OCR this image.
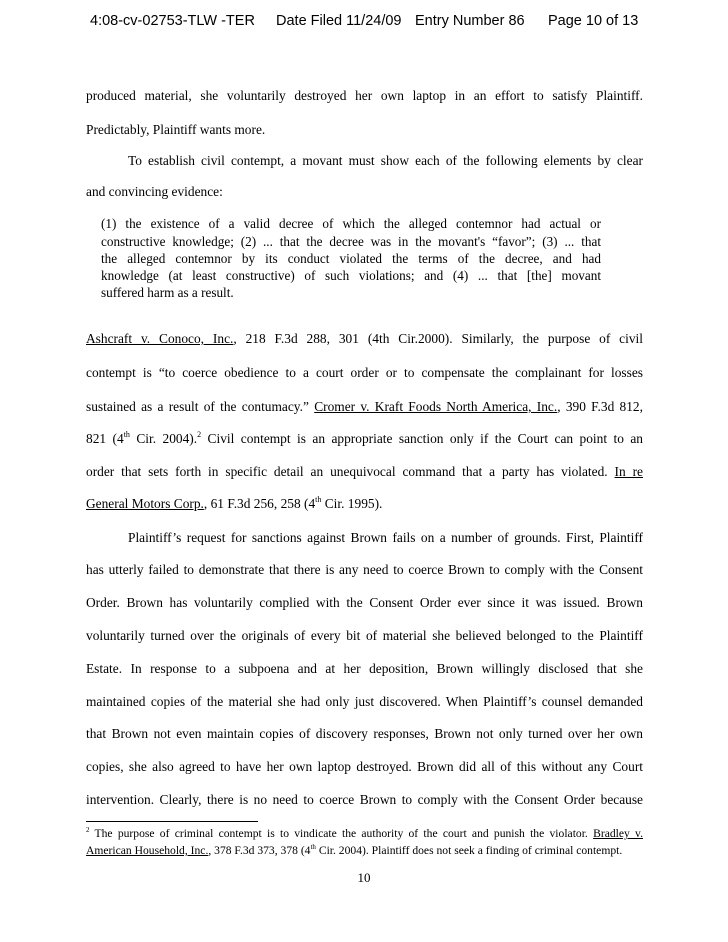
4:08-cv-02753-TLW -TER

Date Filed 11/24/09

Entry Number 86

Page 10 of 13

produced material, she voluntarily destroyed her own laptop in an effort to satisfy Plaintiff.
Predictably, Plaintiff wants more.
To establish civil contempt, a movant must show each of the following elements by clear
and convincing evidence:
(1) the existence of a valid decree of which the alleged contemnor had actual or
constructive knowledge; (2) ... that the decree was in the movant's “favor”; (3) ... that
the alleged contemnor by its conduct violated the terms of the decree, and had
knowledge (at least constructive) of such violations; and (4) ... that [the] movant
suffered harm as a result.
Ashcraft v. Conoco, Inc., 218 F.3d 288, 301 (4th Cir.2000). Similarly, the purpose of civil
contempt is “to coerce obedience to a court order or to compensate the complainant for losses
sustained as a result of the contumacy.” Cromer v. Kraft Foods North America, Inc., 390 F.3d 812,
821 (4th Cir. 2004).$^2$ Civil contempt is an appropriate sanction only if the Court can point to an
order that sets forth in specific detail an unequivocal command that a party has violated. In re
General Motors Corp., 61 F.3d 256, 258 (4th Cir. 1995).
Plaintiff’s request for sanctions against Brown fails on a number of grounds. First, Plaintiff
has utterly failed to demonstrate that there is any need to coerce Brown to comply with the Consent
Order. Brown has voluntarily complied with the Consent Order ever since it was issued. Brown
voluntarily turned over the originals of every bit of material she believed belonged to the Plaintiff
Estate. In response to a subpoena and at her deposition, Brown willingly disclosed that she
maintained copies of the material she had only just discovered. When Plaintiff’s counsel demanded
that Brown not even maintain copies of discovery responses, Brown not only turned over her own
copies, she also agreed to have her own laptop destroyed. Brown did all of this without any Court
intervention. Clearly, there is no need to coerce Brown to comply with the Consent Order because
$^2$ The purpose of criminal contempt is to vindicate the authority of the court and punish the violator. Bradley v.
American Household, Inc., 378 F.3d 373, 378 (4th Cir. 2004). Plaintiff does not seek a finding of criminal contempt.
10
